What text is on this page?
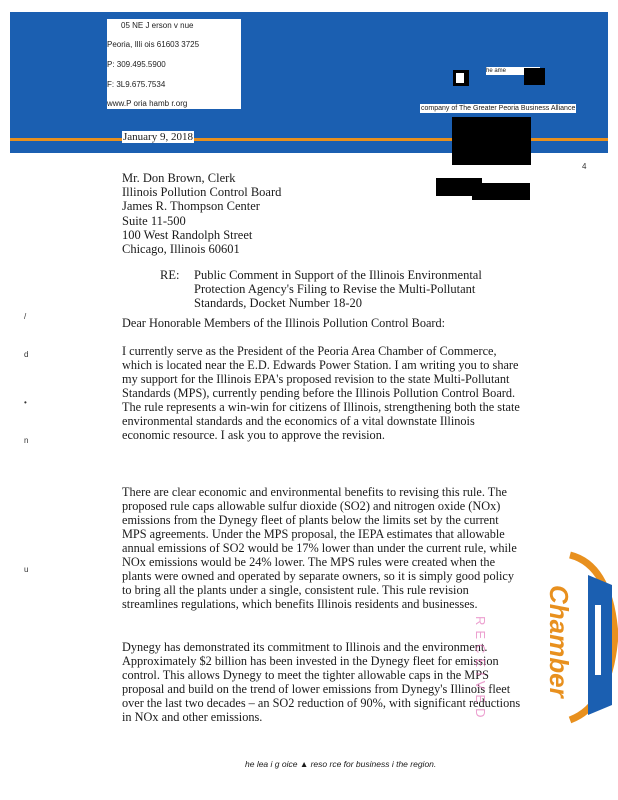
05 NE J erson v nue
Peoria, Illi ois 61603 3725
P: 309.495.5900
F: 3L9.675.7534
www.P oria hamb r.org
he ame
company of The Greater Peoria Business Alliance
January 9, 2018
Mr. Don Brown, Clerk
Illinois Pollution Control Board
James R. Thompson Center
Suite 11-500
100 West Randolph Street
Chicago, Illinois 60601
RE: Public Comment in Support of the Illinois Environmental Protection Agency's Filing to Revise the Multi-Pollutant Standards, Docket Number 18-20
Dear Honorable Members of the Illinois Pollution Control Board:
I currently serve as the President of the Peoria Area Chamber of Commerce, which is located near the E.D. Edwards Power Station. I am writing you to share my support for the Illinois EPA's proposed revision to the state Multi-Pollutant Standards (MPS), currently pending before the Illinois Pollution Control Board. The rule represents a win-win for citizens of Illinois, strengthening both the state environmental standards and the economics of a vital downstate Illinois economic resource. I ask you to approve the revision.
There are clear economic and environmental benefits to revising this rule. The proposed rule caps allowable sulfur dioxide (SO2) and nitrogen oxide (NOx) emissions from the Dynegy fleet of plants below the limits set by the current MPS agreements. Under the MPS proposal, the IEPA estimates that allowable annual emissions of SO2 would be 17% lower than under the current rule, while NOx emissions would be 24% lower. The MPS rules were created when the plants were owned and operated by separate owners, so it is simply good policy to bring all the plants under a single, consistent rule. This rule revision streamlines regulations, which benefits Illinois residents and businesses.
Dynegy has demonstrated its commitment to Illinois and the environment. Approximately $2 billion has been invested in the Dynegy fleet for emission control. This allows Dynegy to meet the tighter allowable caps in the MPS proposal and build on the trend of lower emissions from Dynegy's Illinois fleet over the last two decades – an SO2 reduction of 90%, with significant reductions in NOx and other emissions.	RECEIVED Chamber
4
/
d
•
n
u
he lea i g oice ▲ reso rce for business i the region.
